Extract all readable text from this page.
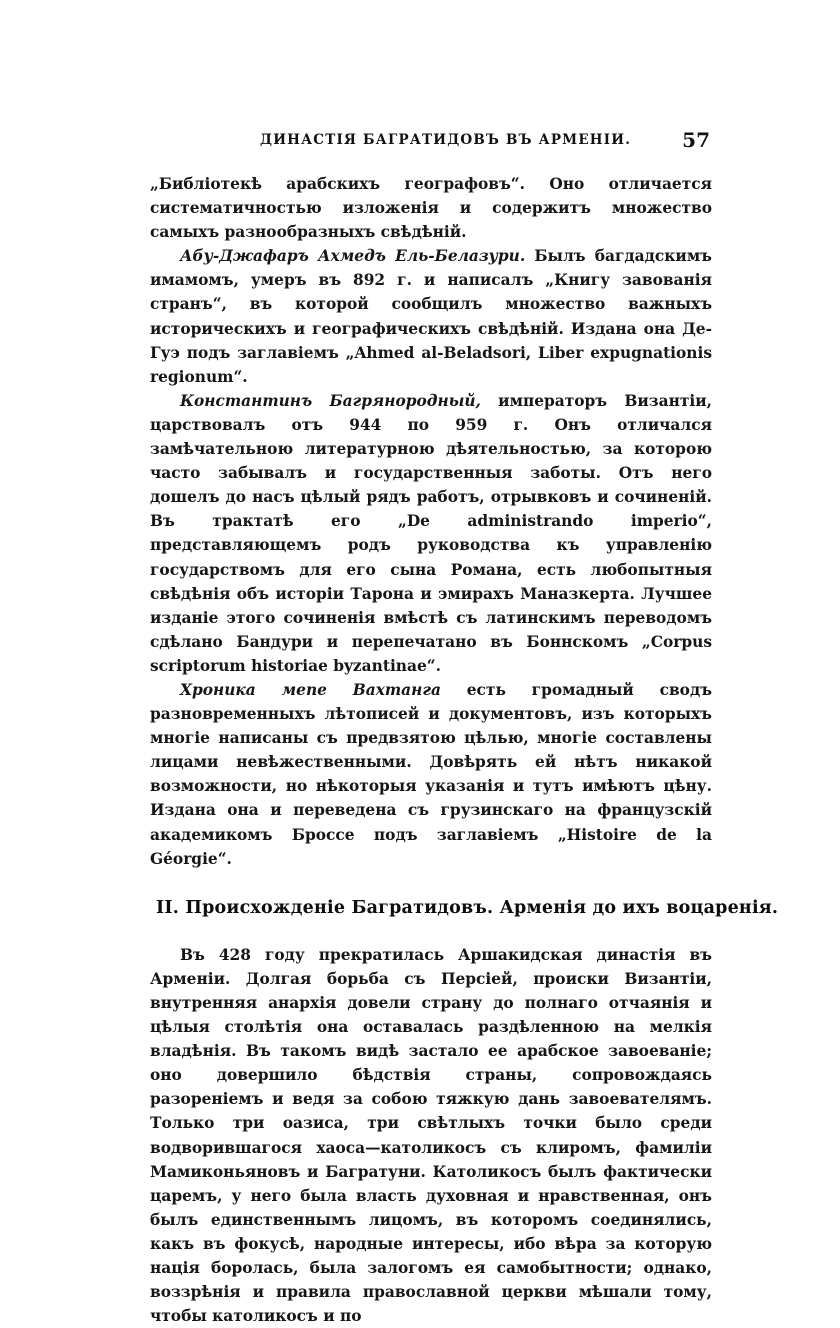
ДИНАСТІЯ БАГРАТИДОВЪ ВЪ АРМЕНІИ.	57

„Библіотекѣ арабскихъ географовъ“. Оно отличается систематичностью изложенія и содержитъ множество самыхъ разнообразныхъ свѣдѣній.

Абу-Джафаръ Ахмедъ Ель-Белазури. Былъ багдадскимъ имамомъ, умеръ въ 892 г. и написалъ „Книгу завованія странъ“, въ которой сообщилъ множество важныхъ историческихъ и географическихъ свѣдѣній. Издана она Де-Гуэ подъ заглавіемъ „Ahmed al-Beladsori, Liber expugnationis regionum“.

Константинъ Багрянородный, императоръ Византіи, царствовалъ отъ 944 по 959 г. Онъ отличался замѣчательною литературною дѣятельностью, за которою часто забывалъ и государственныя заботы. Отъ него дошелъ до насъ цѣлый рядъ работъ, отрывковъ и сочиненій. Въ трактатѣ его „De administrando imperio“, представляющемъ родъ руководства къ управленію государствомъ для его сына Романа, есть любопытныя свѣдѣнія объ исторіи Тарона и эмирахъ Маназкерта. Лучшее изданіе этого сочиненія вмѣстѣ съ латинскимъ переводомъ сдѣлано Бандури и перепечатано въ Боннскомъ „Corpus scriptorum historiae byzantinae“.

Хроника мепе Вахтанга есть громадный сводъ разновременныхъ лѣтописей и документовъ, изъ которыхъ многіе написаны съ предвзятою цѣлью, многіе составлены лицами невѣжественными. Довѣрять ей нѣтъ никакой возможности, но нѣкоторыя указанія и тутъ имѣютъ цѣну. Издана она и переведена съ грузинскаго на французскій академикомъ Броссе подъ заглавіемъ „Histoire de la Géorgie“.

II. Происхожденіе Багратидовъ. Арменія до ихъ воцаренія.

Въ 428 году прекратилась Аршакидская династія въ Арменіи. Долгая борьба съ Персіей, происки Византіи, внутренняя анархія довели страну до полнаго отчаянія и цѣлыя столѣтія она оставалась раздѣленною на мелкія владѣнія. Въ такомъ видѣ застало ее арабское завоеваніе; оно довершило бѣдствія страны, сопровождаясь разореніемъ и ведя за собою тяжкую дань завоевателямъ. Только три оазиса, три свѣтлыхъ точки было среди водворившагося хаоса—католикосъ съ клиромъ, фамиліи Мамиконьяновъ и Багратуни. Католикосъ былъ фактически царемъ, у него была власть духовная и нравственная, онъ былъ единственнымъ лицомъ, въ которомъ соединялись, какъ въ фокусѣ, народные интересы, ибо вѣра за которую нація боролась, была залогомъ ея самобытности; однако, воззрѣнія и правила православной церкви мѣшали тому, чтобы католикосъ и по
